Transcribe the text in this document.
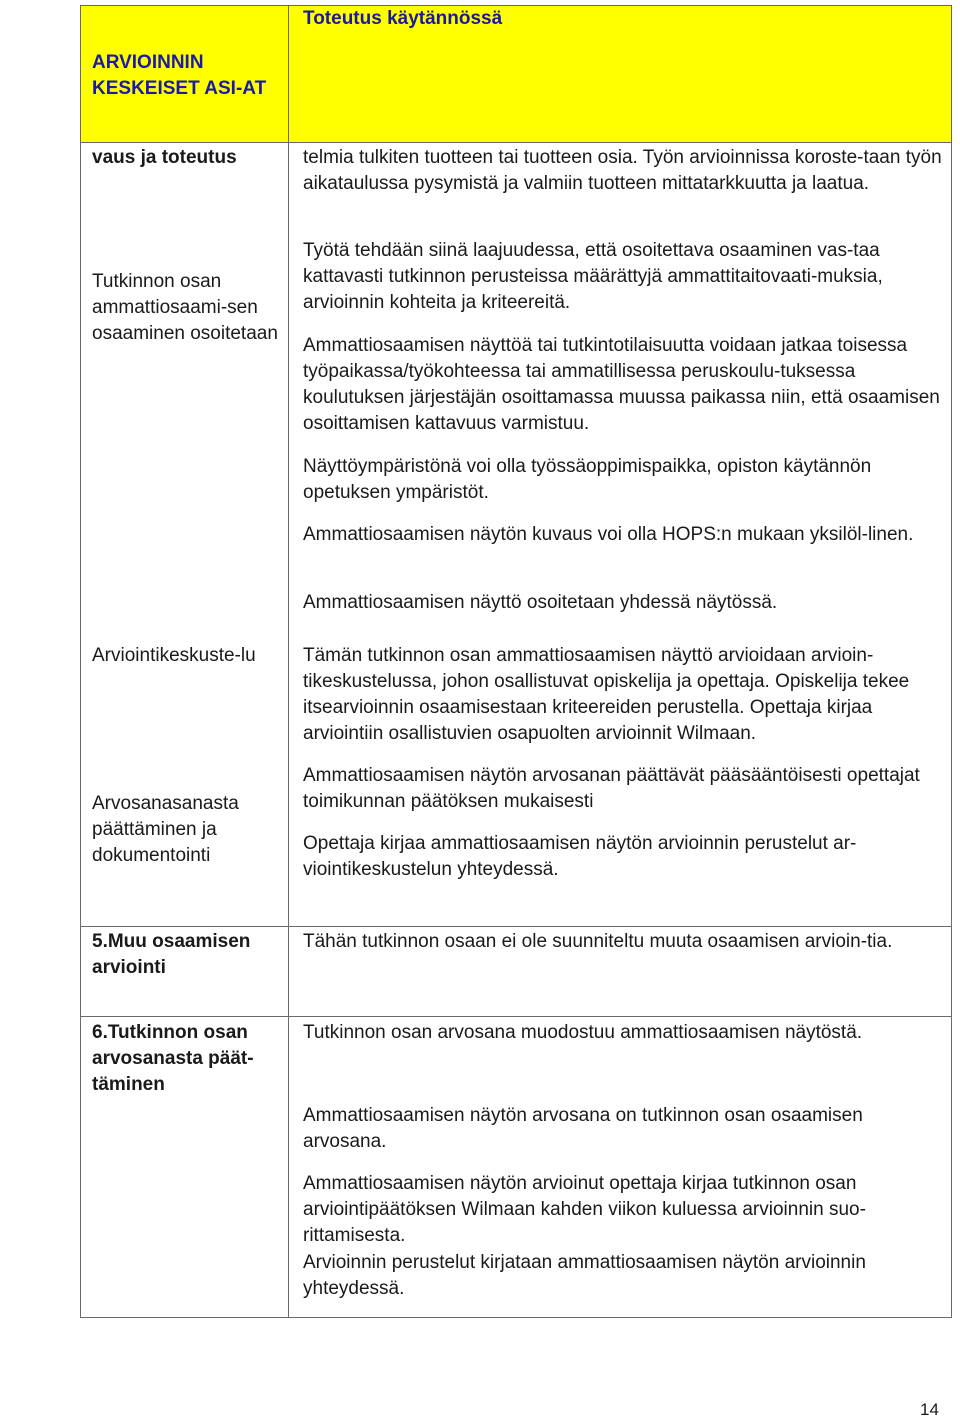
ARVIOINNIN KESKEISET ASI-AT
Toteutus käytännössä
vaus ja toteutus
Tutkinnon osan ammattiosaami-sen osaaminen osoitetaan
Arviointikeskuste-lu
Arvosanasanasta päättäminen ja dokumentointi
5.Muu osaamisen arviointi
6.Tutkinnon osan arvosanasta päät-täminen
telmia tulkiten tuotteen tai tuotteen osia. Työn arvioinnissa koroste-taan työn aikataulussa pysymistä ja valmiin tuotteen mittatarkkuutta ja laatua.
Työtä tehdään siinä laajuudessa, että osoitettava osaaminen vas-taa kattavasti tutkinnon perusteissa määrättyjä ammattitaitovaati-muksia, arvioinnin kohteita ja kriteereitä.
Ammattiosaamisen näyttöä tai tutkintotilaisuutta voidaan jatkaa toisessa työpaikassa/työkohteessa tai ammatillisessa peruskoulu-tuksessa koulutuksen järjestäjän osoittamassa muussa paikassa niin, että osaamisen osoittamisen kattavuus varmistuu.
Näyttöympäristönä voi olla työssäoppimispaikka, opiston käytännön opetuksen ympäristöt.
Ammattiosaamisen näytön kuvaus voi olla HOPS:n mukaan yksilöl-linen.
Ammattiosaamisen näyttö osoitetaan yhdessä näytössä.
Tämän tutkinnon osan ammattiosaamisen näyttö arvioidaan arvioin-tikeskustelussa, johon osallistuvat opiskelija ja opettaja. Opiskelija tekee itsearvioinnin osaamisestaan kriteereiden perustella. Opettaja kirjaa arviointiin osallistuvien osapuolten arvioinnit Wilmaan.
Ammattiosaamisen näytön arvosanan päättävät pääsääntöisesti opettajat toimikunnan päätöksen mukaisesti
Opettaja kirjaa ammattiosaamisen näytön arvioinnin perustelut ar-viointikeskustelun yhteydessä.
Tähän tutkinnon osaan ei ole suunniteltu muuta osaamisen arvioin-tia.
Tutkinnon osan arvosana muodostuu ammattiosaamisen näytöstä.
Ammattiosaamisen näytön arvosana on tutkinnon osan osaamisen arvosana.
Ammattiosaamisen näytön arvioinut opettaja kirjaa tutkinnon osan arviointipäätöksen Wilmaan kahden viikon kuluessa arvioinnin suo-rittamisesta.
Arvioinnin perustelut kirjataan ammattiosaamisen näytön arvioinnin yhteydessä.
14
